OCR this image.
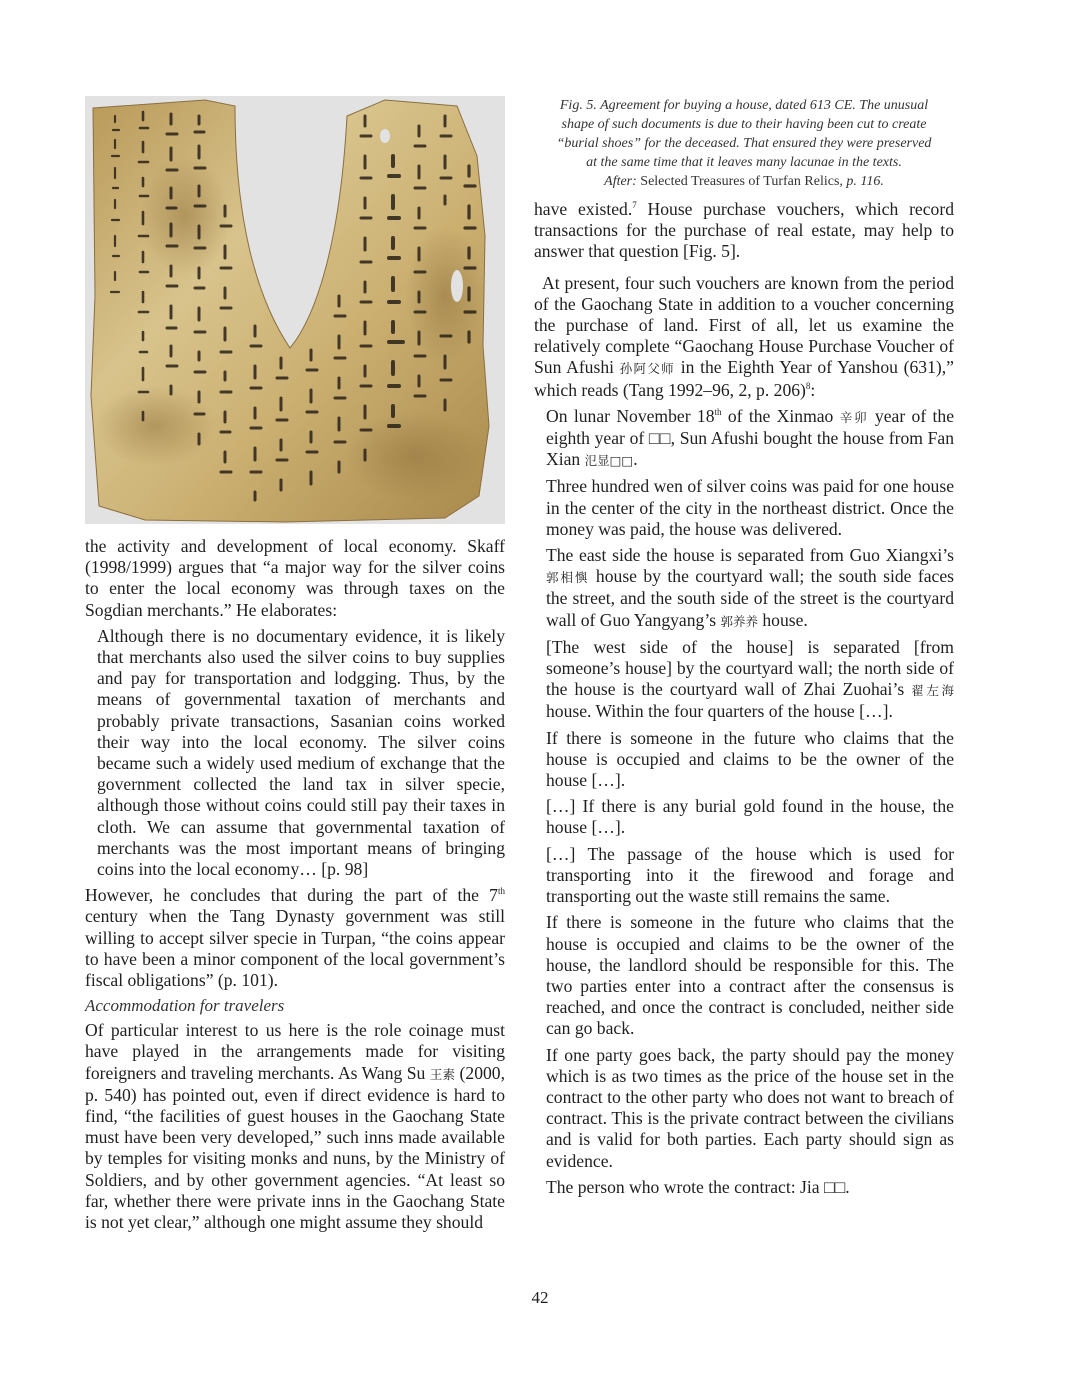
the activity and development of local economy. Skaff (1998/1999) argues that “a major way for the silver coins to enter the local economy was through taxes on the Sogdian merchants.” He elaborates:

Although there is no documentary evidence, it is likely that merchants also used the silver coins to buy supplies and pay for transportation and lodgging. Thus, by the means of governmental taxation of merchants and probably private transactions, Sasanian coins worked their way into the local economy. The silver coins became such a widely used medium of exchange that the government collected the land tax in silver specie, although those without coins could still pay their taxes in cloth. We can assume that governmental taxation of merchants was the most important means of bringing coins into the local economy… [p. 98]

However, he concludes that during the part of the 7th century when the Tang Dynasty government was still willing to accept silver specie in Turpan, “the coins appear to have been a minor component of the local government’s fiscal obligations” (p. 101).

Accommodation for travelers

Of particular interest to us here is the role coinage must have played in the arrangements made for visiting foreigners and traveling merchants. As Wang Su 王素 (2000, p. 540) has pointed out, even if direct evidence is hard to find, “the facilities of guest houses in the Gaochang State must have been very developed,” such inns made available by temples for visiting monks and nuns, by the Ministry of Soldiers, and by other government agencies. “At least so far, whether there were private inns in the Gaochang State is not yet clear,” although one might assume they should

Fig. 5. Agreement for buying a house, dated 613 CE. The unusual
shape of such documents is due to their having been cut to create
“burial shoes” for the deceased. That ensured they were preserved
at the same time that it leaves many lacunae in the texts.
After: Selected Treasures of Turfan Relics, p. 116.

have existed.$^7$ House purchase vouchers, which record transactions for the purchase of real estate, may help to answer that question [Fig. 5].

At present, four such vouchers are known from the period of the Gaochang State in addition to a voucher concerning the purchase of land. First of all, let us examine the relatively complete “Gaochang House Purchase Voucher of Sun Afushi 孙阿父师 in the Eighth Year of Yanshou (631),” which reads (Tang 1992–96, 2, p. 206)$^8$:

On lunar November 18th of the Xinmao 辛卯 year of the eighth year of □□, Sun Afushi bought the house from Fan Xian 氾显□□.

Three hundred wen of silver coins was paid for one house in the center of the city in the northeast district. Once the money was paid, the house was delivered.

The east side the house is separated from Guo Xiangxi’s 郭相懙 house by the courtyard wall; the south side faces the street, and the south side of the street is the courtyard wall of Guo Yangyang’s 郭养养 house.

[The west side of the house] is separated [from someone’s house] by the courtyard wall; the north side of the house is the courtyard wall of Zhai Zuohai’s 翟左海 house. Within the four quarters of the house […].

If there is someone in the future who claims that the house is occupied and claims to be the owner of the house […].

[…] If there is any burial gold found in the house, the house […].

[…] The passage of the house which is used for transporting into it the firewood and forage and transporting out the waste still remains the same.

If there is someone in the future who claims that the house is occupied and claims to be the owner of the house, the landlord should be responsible for this. The two parties enter into a contract after the consensus is reached, and once the contract is concluded, neither side can go back.

If one party goes back, the party should pay the money which is as two times as the price of the house set in the contract to the other party who does not want to breach of contract. This is the private contract between the civilians and is valid for both parties. Each party should sign as evidence.

The person who wrote the contract: Jia □□.

42
